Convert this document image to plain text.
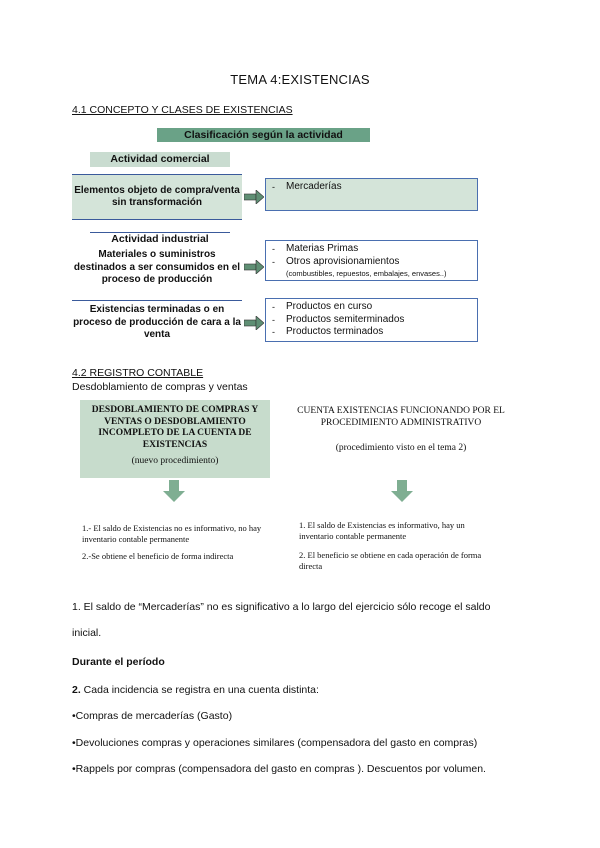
TEMA 4:EXISTENCIAS
4.1 CONCEPTO Y CLASES DE EXISTENCIAS
Clasificación según la actividad
Actividad comercial
Elementos objeto de compra/venta sin transformación
- Mercaderías
Actividad industrial
Materiales o suministros destinados a ser consumidos en el proceso de producción
- Materias Primas
- Otros aprovisionamientos
(combustibles, repuestos, embalajes, envases..)
Existencias terminadas o en proceso de producción de cara a la venta
- Productos en curso
- Productos semiterminados
- Productos terminados
4.2 REGISTRO CONTABLE
Desdoblamiento de compras y ventas
DESDOBLAMIENTO DE COMPRAS Y VENTAS O DESDOBLAMIENTO INCOMPLETO DE LA CUENTA DE EXISTENCIAS
(nuevo procedimiento)
CUENTA EXISTENCIAS FUNCIONANDO POR EL PROCEDIMIENTO ADMINISTRATIVO
(procedimiento visto en el tema 2)
1.- El saldo de Existencias no es informativo, no hay inventario contable permanente
2.-Se obtiene el beneficio de forma indirecta
1. El saldo de Existencias es informativo, hay un inventario contable permanente
2. El beneficio se obtiene en cada operación de forma directa
1. El saldo de “Mercaderías” no es significativo a lo largo del ejercicio sólo recoge el saldo
inicial.
Durante el período
2. Cada incidencia se registra en una cuenta distinta:
•Compras de mercaderías (Gasto)
•Devoluciones compras y operaciones similares (compensadora del gasto en compras)
•Rappels por compras (compensadora del gasto en compras ). Descuentos por volumen.
